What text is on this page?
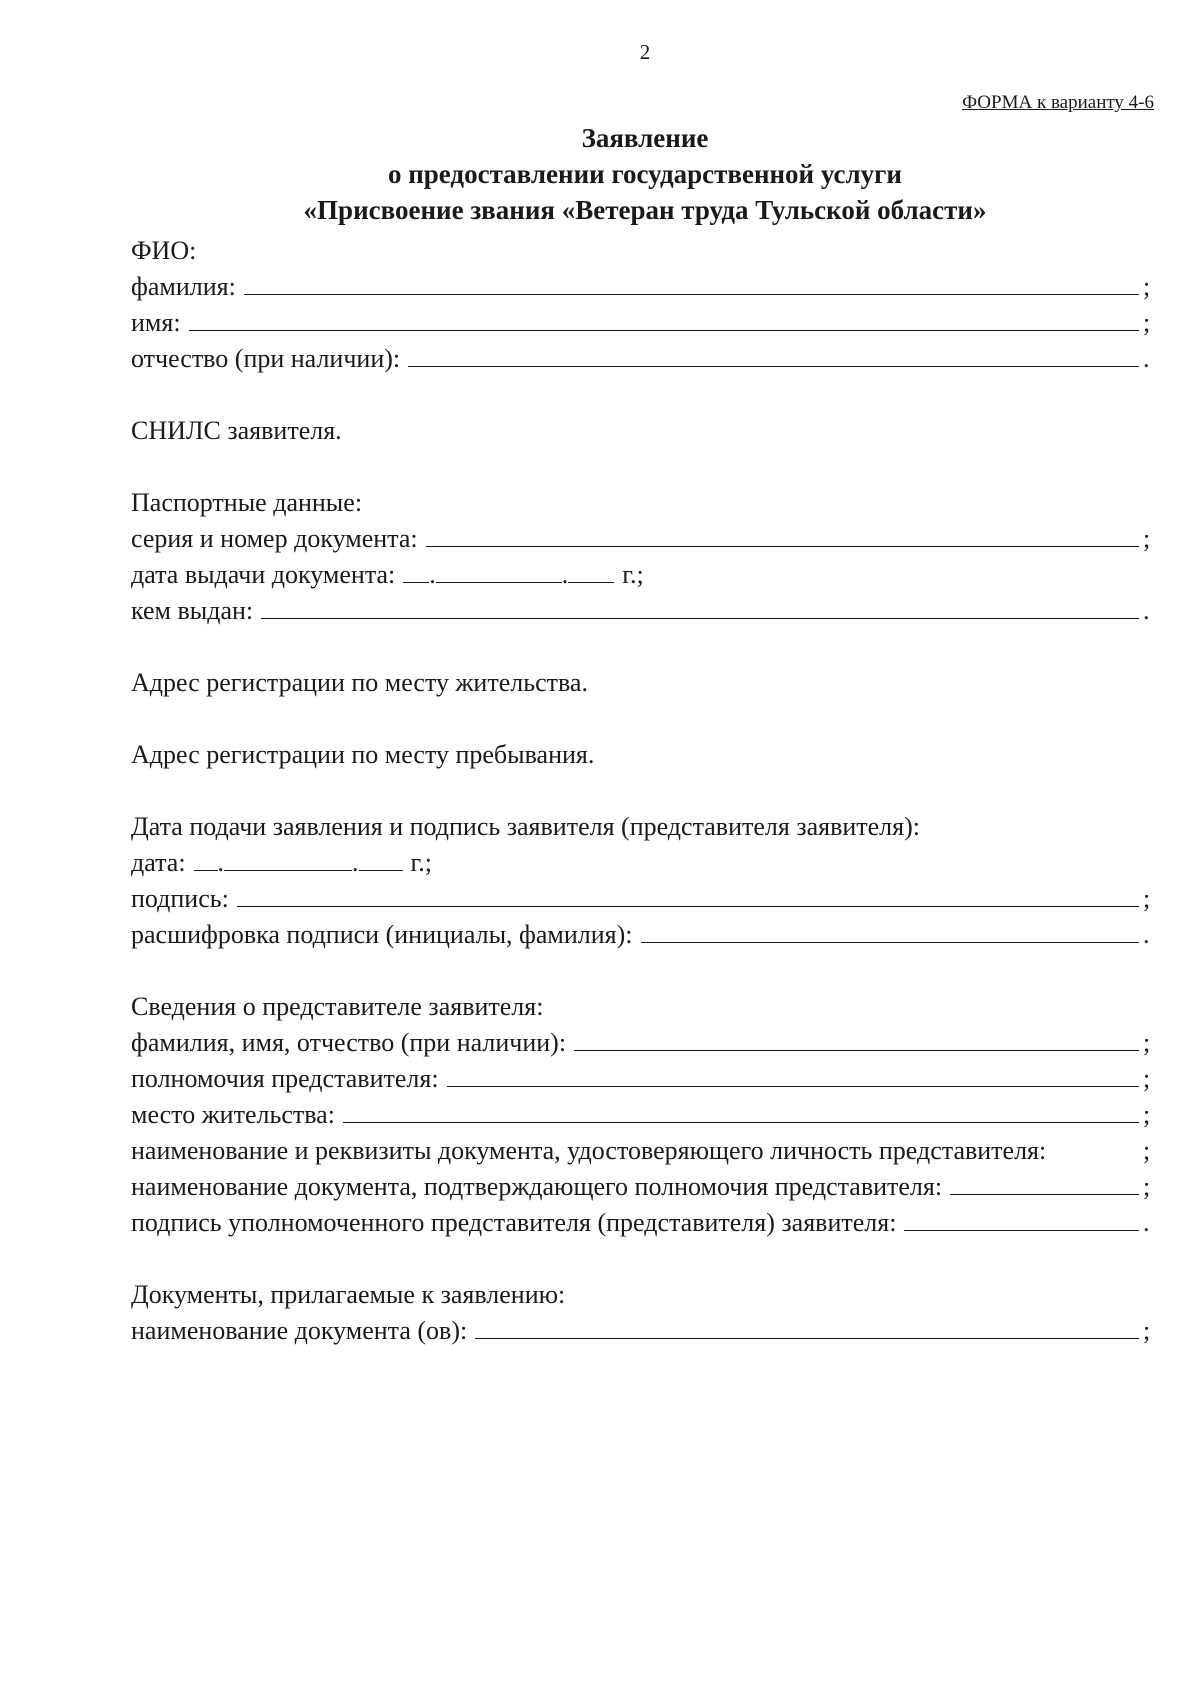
2
ФОРМА к варианту 4-6
Заявление
о предоставлении государственной услуги
«Присвоение звания «Ветеран труда Тульской области»
ФИО:
фамилия:	;
имя:	;
отчество (при наличии):	.
СНИЛС заявителя.
Паспортные данные:
серия и номер документа:	;
дата выдачи документа: .	. г.;
кем выдан:	.
Адрес регистрации по месту жительства.
Адрес регистрации по месту пребывания.
Дата подачи заявления и подпись заявителя (представителя заявителя):
дата: .	. г.;
подпись:	;
расшифровка подписи (инициалы, фамилия):	.
Сведения о представителе заявителя:
фамилия, имя, отчество (при наличии):	;
полномочия представителя:	;
место жительства:	;
наименование и реквизиты документа, удостоверяющего личность представителя:	;
наименование документа, подтверждающего полномочия представителя:	;
подпись уполномоченного представителя (представителя) заявителя:	.
Документы, прилагаемые к заявлению:
наименование документа (ов):	;
